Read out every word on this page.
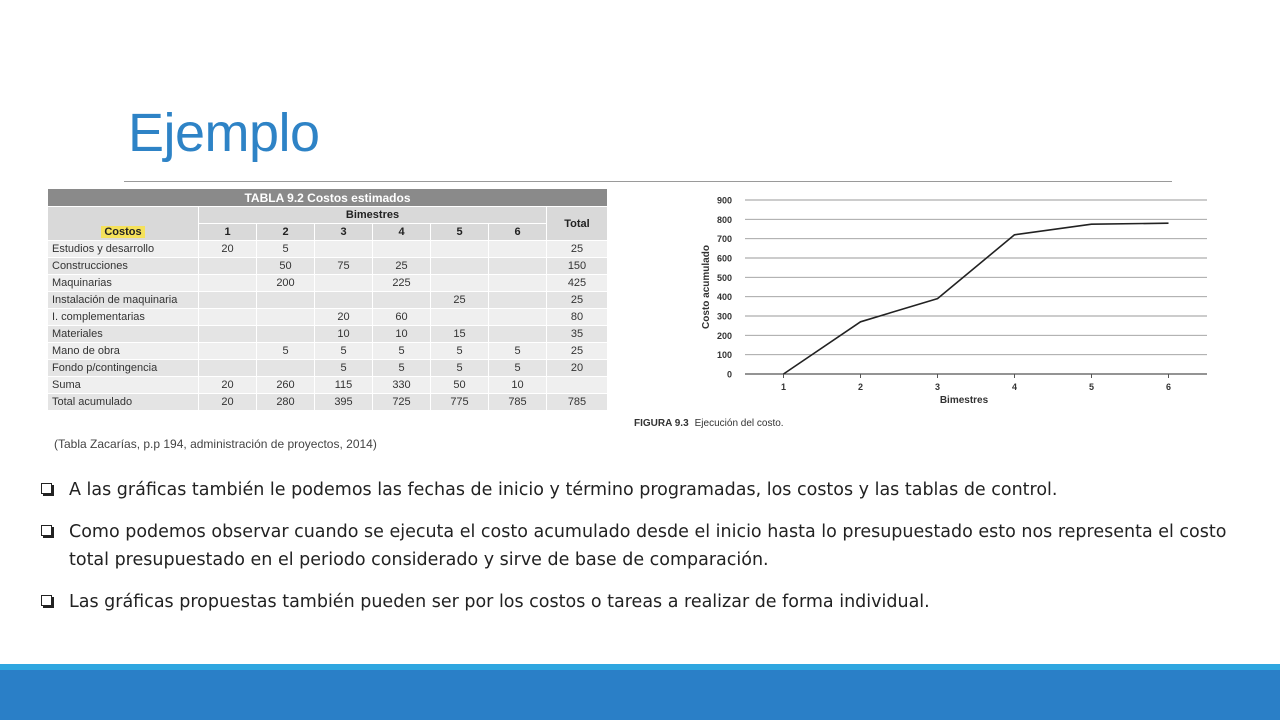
Ejemplo
TABLA 9.2 Costos estimados							
Costos	Bimestres						Total
	1	2	3	4	5	6	
Estudios y desarrollo	20	5					25
Construcciones		50	75	25			150
Maquinarias		200		225			425
Instalación de maquinaria					25		25
I. complementarias			20	60			80
Materiales			10	10	15		35
Mano de obra		5	5	5	5	5	25
Fondo p/contingencia			5	5	5	5	20
Suma	20	260	115	330	50	10	
Total acumulado	20	280	395	725	775	785	785
(Tabla Zacarías, p.p 194, administración de proyectos, 2014)
0
100
200
300
400
500
600
700
800
900
1	2	3	4	5	6
Costo acumulado
Bimestres
FIGURA 9.3 Ejecución del costo.
A las gráficas también le podemos las fechas de inicio y término programadas, los costos y las tablas de control.
Como podemos observar cuando se ejecuta el costo acumulado desde el inicio hasta lo presupuestado esto nos representa el costo total presupuestado en el periodo considerado y sirve de base de comparación.
Las gráficas propuestas también pueden ser por los costos o tareas a realizar de forma individual.
